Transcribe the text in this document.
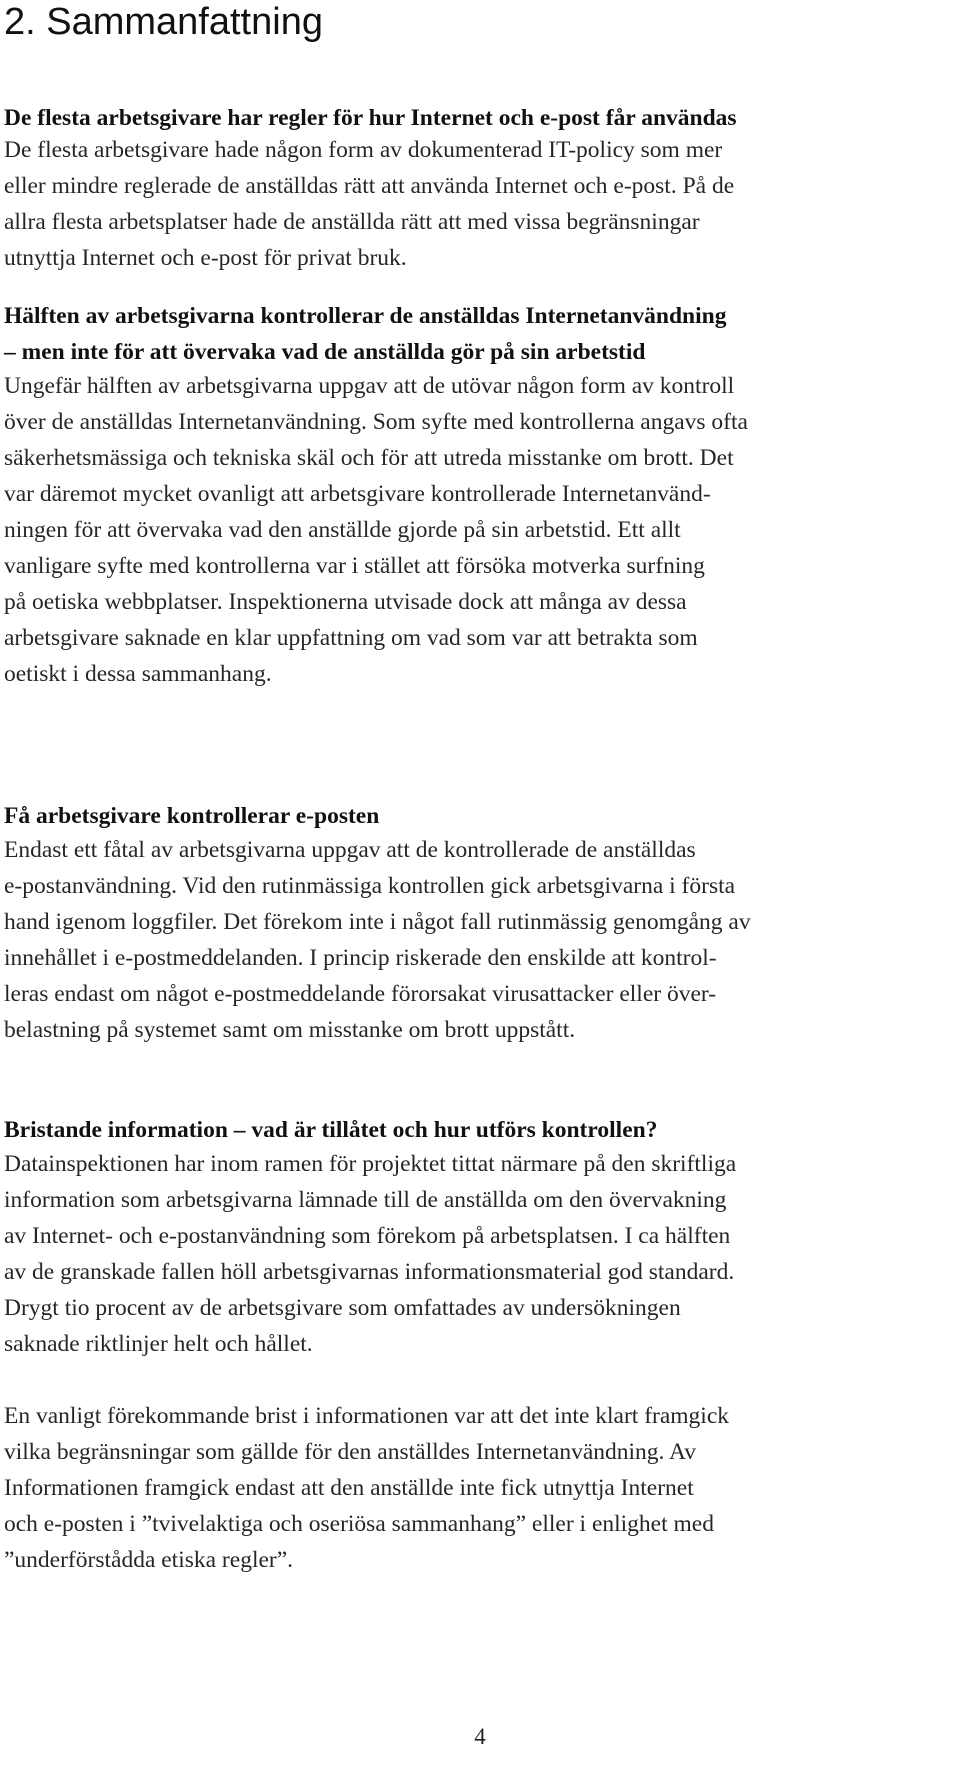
2. Sammanfattning
De flesta arbetsgivare har regler för hur Internet och e-post får användas

De flesta arbetsgivare hade någon form av dokumenterad IT-policy som mer
eller mindre reglerade de anställdas rätt att använda Internet och e-post. På de
allra flesta arbetsplatser hade de anställda rätt att med vissa begränsningar
utnyttja Internet och e-post för privat bruk.

Hälften av arbetsgivarna kontrollerar de anställdas Internetanvändning
– men inte för att övervaka vad de anställda gör på sin arbetstid

Ungefär hälften av arbetsgivarna uppgav att de utövar någon form av kontroll
över de anställdas Internetanvändning. Som syfte med kontrollerna angavs ofta
säkerhetsmässiga och tekniska skäl och för att utreda misstanke om brott. Det
var däremot mycket ovanligt att arbetsgivare kontrollerade Internetanvänd-
ningen för att övervaka vad den anställde gjorde på sin arbetstid. Ett allt
vanligare syfte med kontrollerna var i stället att försöka motverka surfning
på oetiska webbplatser. Inspektionerna utvisade dock att många av dessa
arbetsgivare saknade en klar uppfattning om vad som var att betrakta som
oetiskt i dessa sammanhang.

Få arbetsgivare kontrollerar e-posten

Endast ett fåtal av arbetsgivarna uppgav att de kontrollerade de anställdas
e-postanvändning. Vid den rutinmässiga kontrollen gick arbetsgivarna i första
hand igenom loggfiler. Det förekom inte i något fall rutinmässig genomgång av
innehållet i e-postmeddelanden. I princip riskerade den enskilde att kontrol-
leras endast om något e-postmeddelande förorsakat virusattacker eller över-
belastning på systemet samt om misstanke om brott uppstått.

Bristande information – vad är tillåtet och hur utförs kontrollen?

Datainspektionen har inom ramen för projektet tittat närmare på den skriftliga
information som arbetsgivarna lämnade till de anställda om den övervakning
av Internet- och e-postanvändning som förekom på arbetsplatsen. I ca hälften
av de granskade fallen höll arbetsgivarnas informationsmaterial god standard.
Drygt tio procent av de arbetsgivare som omfattades av undersökningen
saknade riktlinjer helt och hållet.

En vanligt förekommande brist i informationen var att det inte klart framgick
vilka begränsningar som gällde för den anställdes Internetanvändning. Av
Informationen framgick endast att den anställde inte fick utnyttja Internet
och e-posten i ”tvivelaktiga och oseriösa sammanhang” eller i enlighet med
”underförstådda etiska regler”.

4
